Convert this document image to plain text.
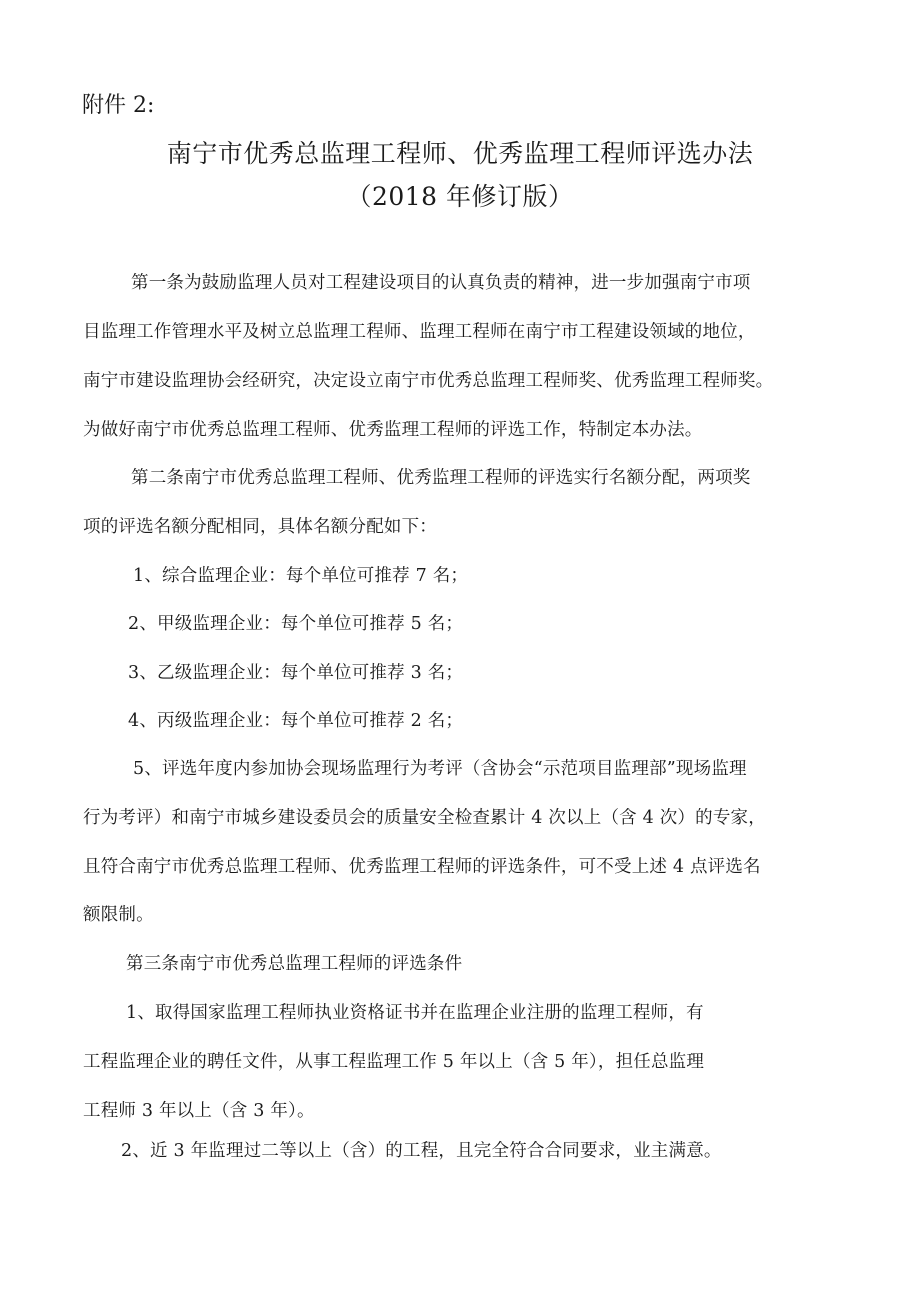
附件 2:
南宁市优秀总监理工程师、优秀监理工程师评选办法
（2018 年修订版）
第一条为鼓励监理人员对工程建设项目的认真负责的精神，进一步加强南宁市项
目监理工作管理水平及树立总监理工程师、监理工程师在南宁市工程建设领域的地位，
南宁市建设监理协会经研究，决定设立南宁市优秀总监理工程师奖、优秀监理工程师奖。
为做好南宁市优秀总监理工程师、优秀监理工程师的评选工作，特制定本办法。
第二条南宁市优秀总监理工程师、优秀监理工程师的评选实行名额分配，两项奖
项的评选名额分配相同，具体名额分配如下：
1、综合监理企业：每个单位可推荐 7 名；
2、甲级监理企业：每个单位可推荐 5 名；
3、乙级监理企业：每个单位可推荐 3 名；
4、丙级监理企业：每个单位可推荐 2 名；
5、评选年度内参加协会现场监理行为考评（含协会“示范项目监理部”现场监理
行为考评）和南宁市城乡建设委员会的质量安全检查累计 4 次以上（含 4 次）的专家，
且符合南宁市优秀总监理工程师、优秀监理工程师的评选条件，可不受上述 4 点评选名
额限制。
第三条南宁市优秀总监理工程师的评选条件
1、取得国家监理工程师执业资格证书并在监理企业注册的监理工程师，有
工程监理企业的聘任文件，从事工程监理工作 5 年以上（含 5 年），担任总监理
工程师 3 年以上（含 3 年）。
2、近 3 年监理过二等以上（含）的工程，且完全符合合同要求，业主满意。
